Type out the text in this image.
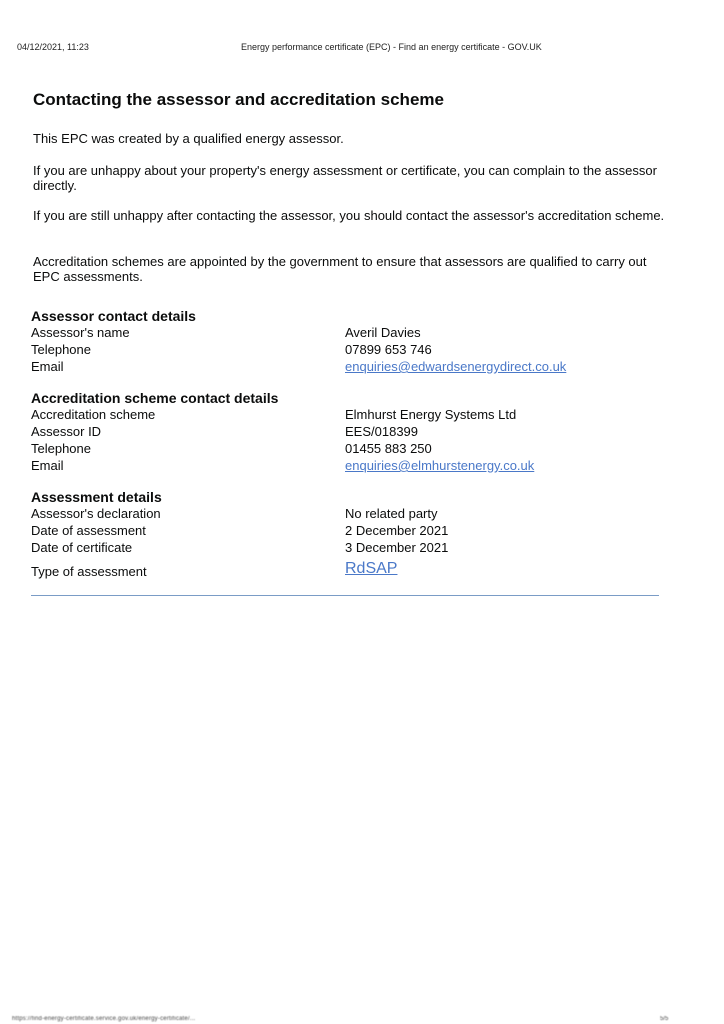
04/12/2021, 11:23	Energy performance certificate (EPC) - Find an energy certificate - GOV.UK
Contacting the assessor and accreditation scheme

This EPC was created by a qualified energy assessor.

If you are unhappy about your property's energy assessment or certificate, you can complain to the assessor directly.

If you are still unhappy after contacting the assessor, you should contact the assessor's accreditation scheme.

Accreditation schemes are appointed by the government to ensure that assessors are qualified to carry out EPC assessments.

Assessor contact details
Assessor's name	Averil Davies
Telephone	07899 653 746
Email	enquiries@edwardsenergydirect.co.uk
Accreditation scheme contact details
Accreditation scheme	Elmhurst Energy Systems Ltd
Assessor ID	EES/018399
Telephone	01455 883 250
Email	enquiries@elmhurstenergy.co.uk
Assessment details
Assessor's declaration	No related party
Date of assessment	2 December 2021
Date of certificate	3 December 2021
Type of assessment	RdSAP
https://find-energy-certificate.service.gov.uk/energy-certificate/...	5/5
